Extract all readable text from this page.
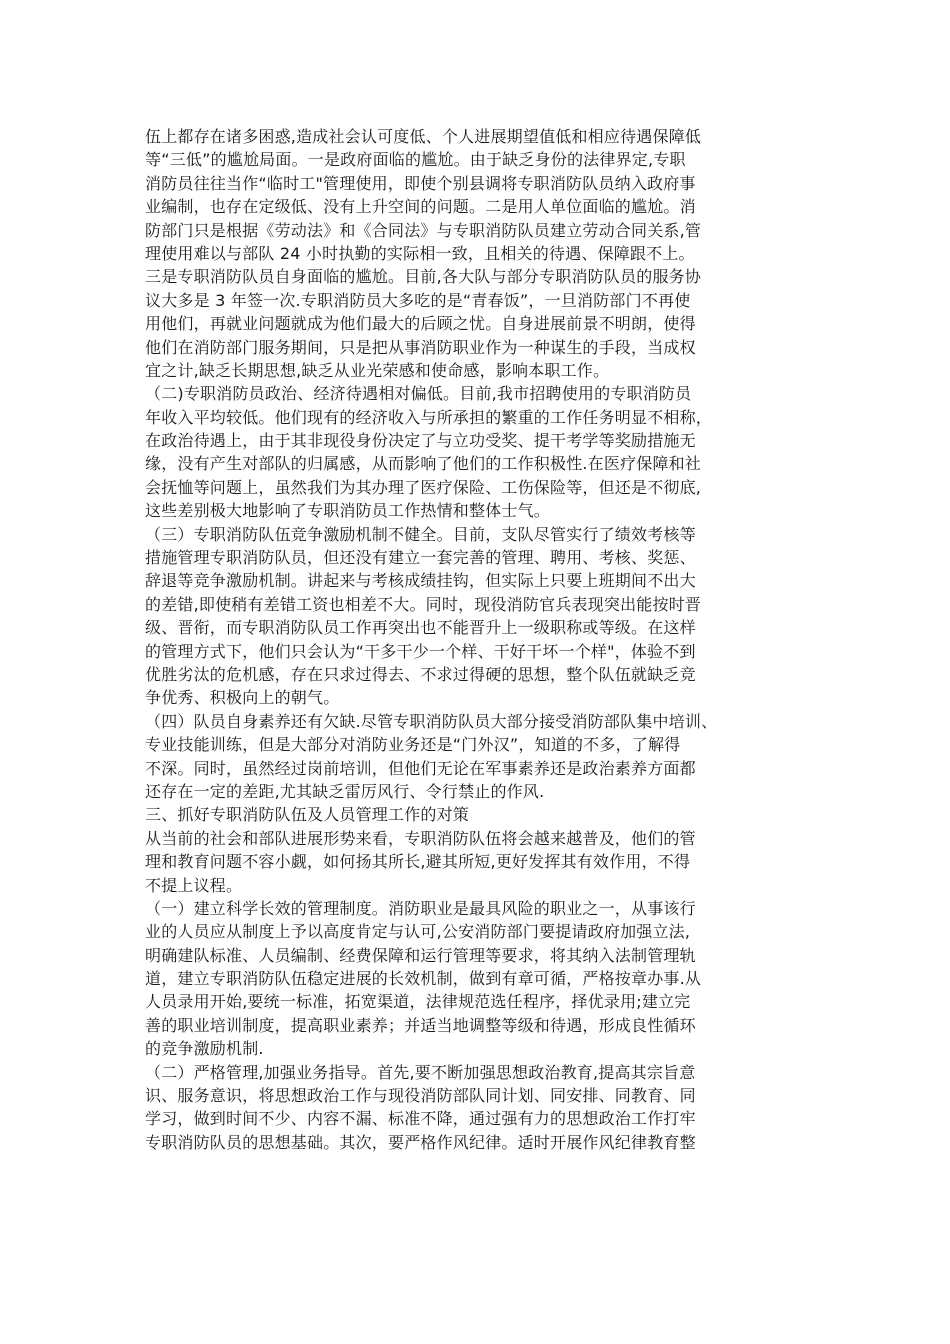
伍上都存在诸多困惑,造成社会认可度低、个人进展期望值低和相应待遇保障低
等“三低”的尴尬局面。一是政府面临的尴尬。由于缺乏身份的法律界定,专职
消防员往往当作“临时工"管理使用，即使个别县调将专职消防队员纳入政府事
业编制，也存在定级低、没有上升空间的问题。二是用人单位面临的尴尬。消
防部门只是根据《劳动法》和《合同法》与专职消防队员建立劳动合同关系,管
理使用难以与部队 24 小时执勤的实际相一致，且相关的待遇、保障跟不上。
三是专职消防队员自身面临的尴尬。目前,各大队与部分专职消防队员的服务协
议大多是 3 年签一次.专职消防员大多吃的是“青春饭”，一旦消防部门不再使
用他们，再就业问题就成为他们最大的后顾之忧。自身进展前景不明朗，使得
他们在消防部门服务期间，只是把从事消防职业作为一种谋生的手段，当成权
宜之计,缺乏长期思想,缺乏从业光荣感和使命感，影响本职工作。
（二)专职消防员政治、经济待遇相对偏低。目前,我市招聘使用的专职消防员
年收入平均较低。他们现有的经济收入与所承担的繁重的工作任务明显不相称，
在政治待遇上，由于其非现役身份决定了与立功受奖、提干考学等奖励措施无
缘，没有产生对部队的归属感，从而影响了他们的工作积极性.在医疗保障和社
会抚恤等问题上，虽然我们为其办理了医疗保险、工伤保险等，但还是不彻底,
这些差别极大地影响了专职消防员工作热情和整体士气。
（三）专职消防队伍竞争激励机制不健全。目前，支队尽管实行了绩效考核等
措施管理专职消防队员，但还没有建立一套完善的管理、聘用、考核、奖惩、
辞退等竞争激励机制。讲起来与考核成绩挂钩，但实际上只要上班期间不出大
的差错,即使稍有差错工资也相差不大。同时，现役消防官兵表现突出能按时晋
级、晋衔，而专职消防队员工作再突出也不能晋升上一级职称或等级。在这样
的管理方式下，他们只会认为“干多干少一个样、干好干坏一个样"，体验不到
优胜劣汰的危机感，存在只求过得去、不求过得硬的思想，整个队伍就缺乏竞
争优秀、积极向上的朝气。
（四）队员自身素养还有欠缺.尽管专职消防队员大部分接受消防部队集中培训、
专业技能训练，但是大部分对消防业务还是“门外汉”，知道的不多，了解得
不深。同时，虽然经过岗前培训，但他们无论在军事素养还是政治素养方面都
还存在一定的差距,尤其缺乏雷厉风行、令行禁止的作风.
三、抓好专职消防队伍及人员管理工作的对策
从当前的社会和部队进展形势来看，专职消防队伍将会越来越普及，他们的管
理和教育问题不容小觑，如何扬其所长,避其所短,更好发挥其有效作用，不得
不提上议程。
（一）建立科学长效的管理制度。消防职业是最具风险的职业之一，从事该行
业的人员应从制度上予以高度肯定与认可,公安消防部门要提请政府加强立法,
明确建队标准、人员编制、经费保障和运行管理等要求，将其纳入法制管理轨
道，建立专职消防队伍稳定进展的长效机制，做到有章可循，严格按章办事.从
人员录用开始,要统一标准，拓宽渠道，法律规范选任程序，择优录用;建立完
善的职业培训制度，提高职业素养；并适当地调整等级和待遇，形成良性循环
的竞争激励机制.
（二）严格管理,加强业务指导。首先,要不断加强思想政治教育,提高其宗旨意
识、服务意识，将思想政治工作与现役消防部队同计划、同安排、同教育、同
学习，做到时间不少、内容不漏、标准不降，通过强有力的思想政治工作打牢
专职消防队员的思想基础。其次，要严格作风纪律。适时开展作风纪律教育整
